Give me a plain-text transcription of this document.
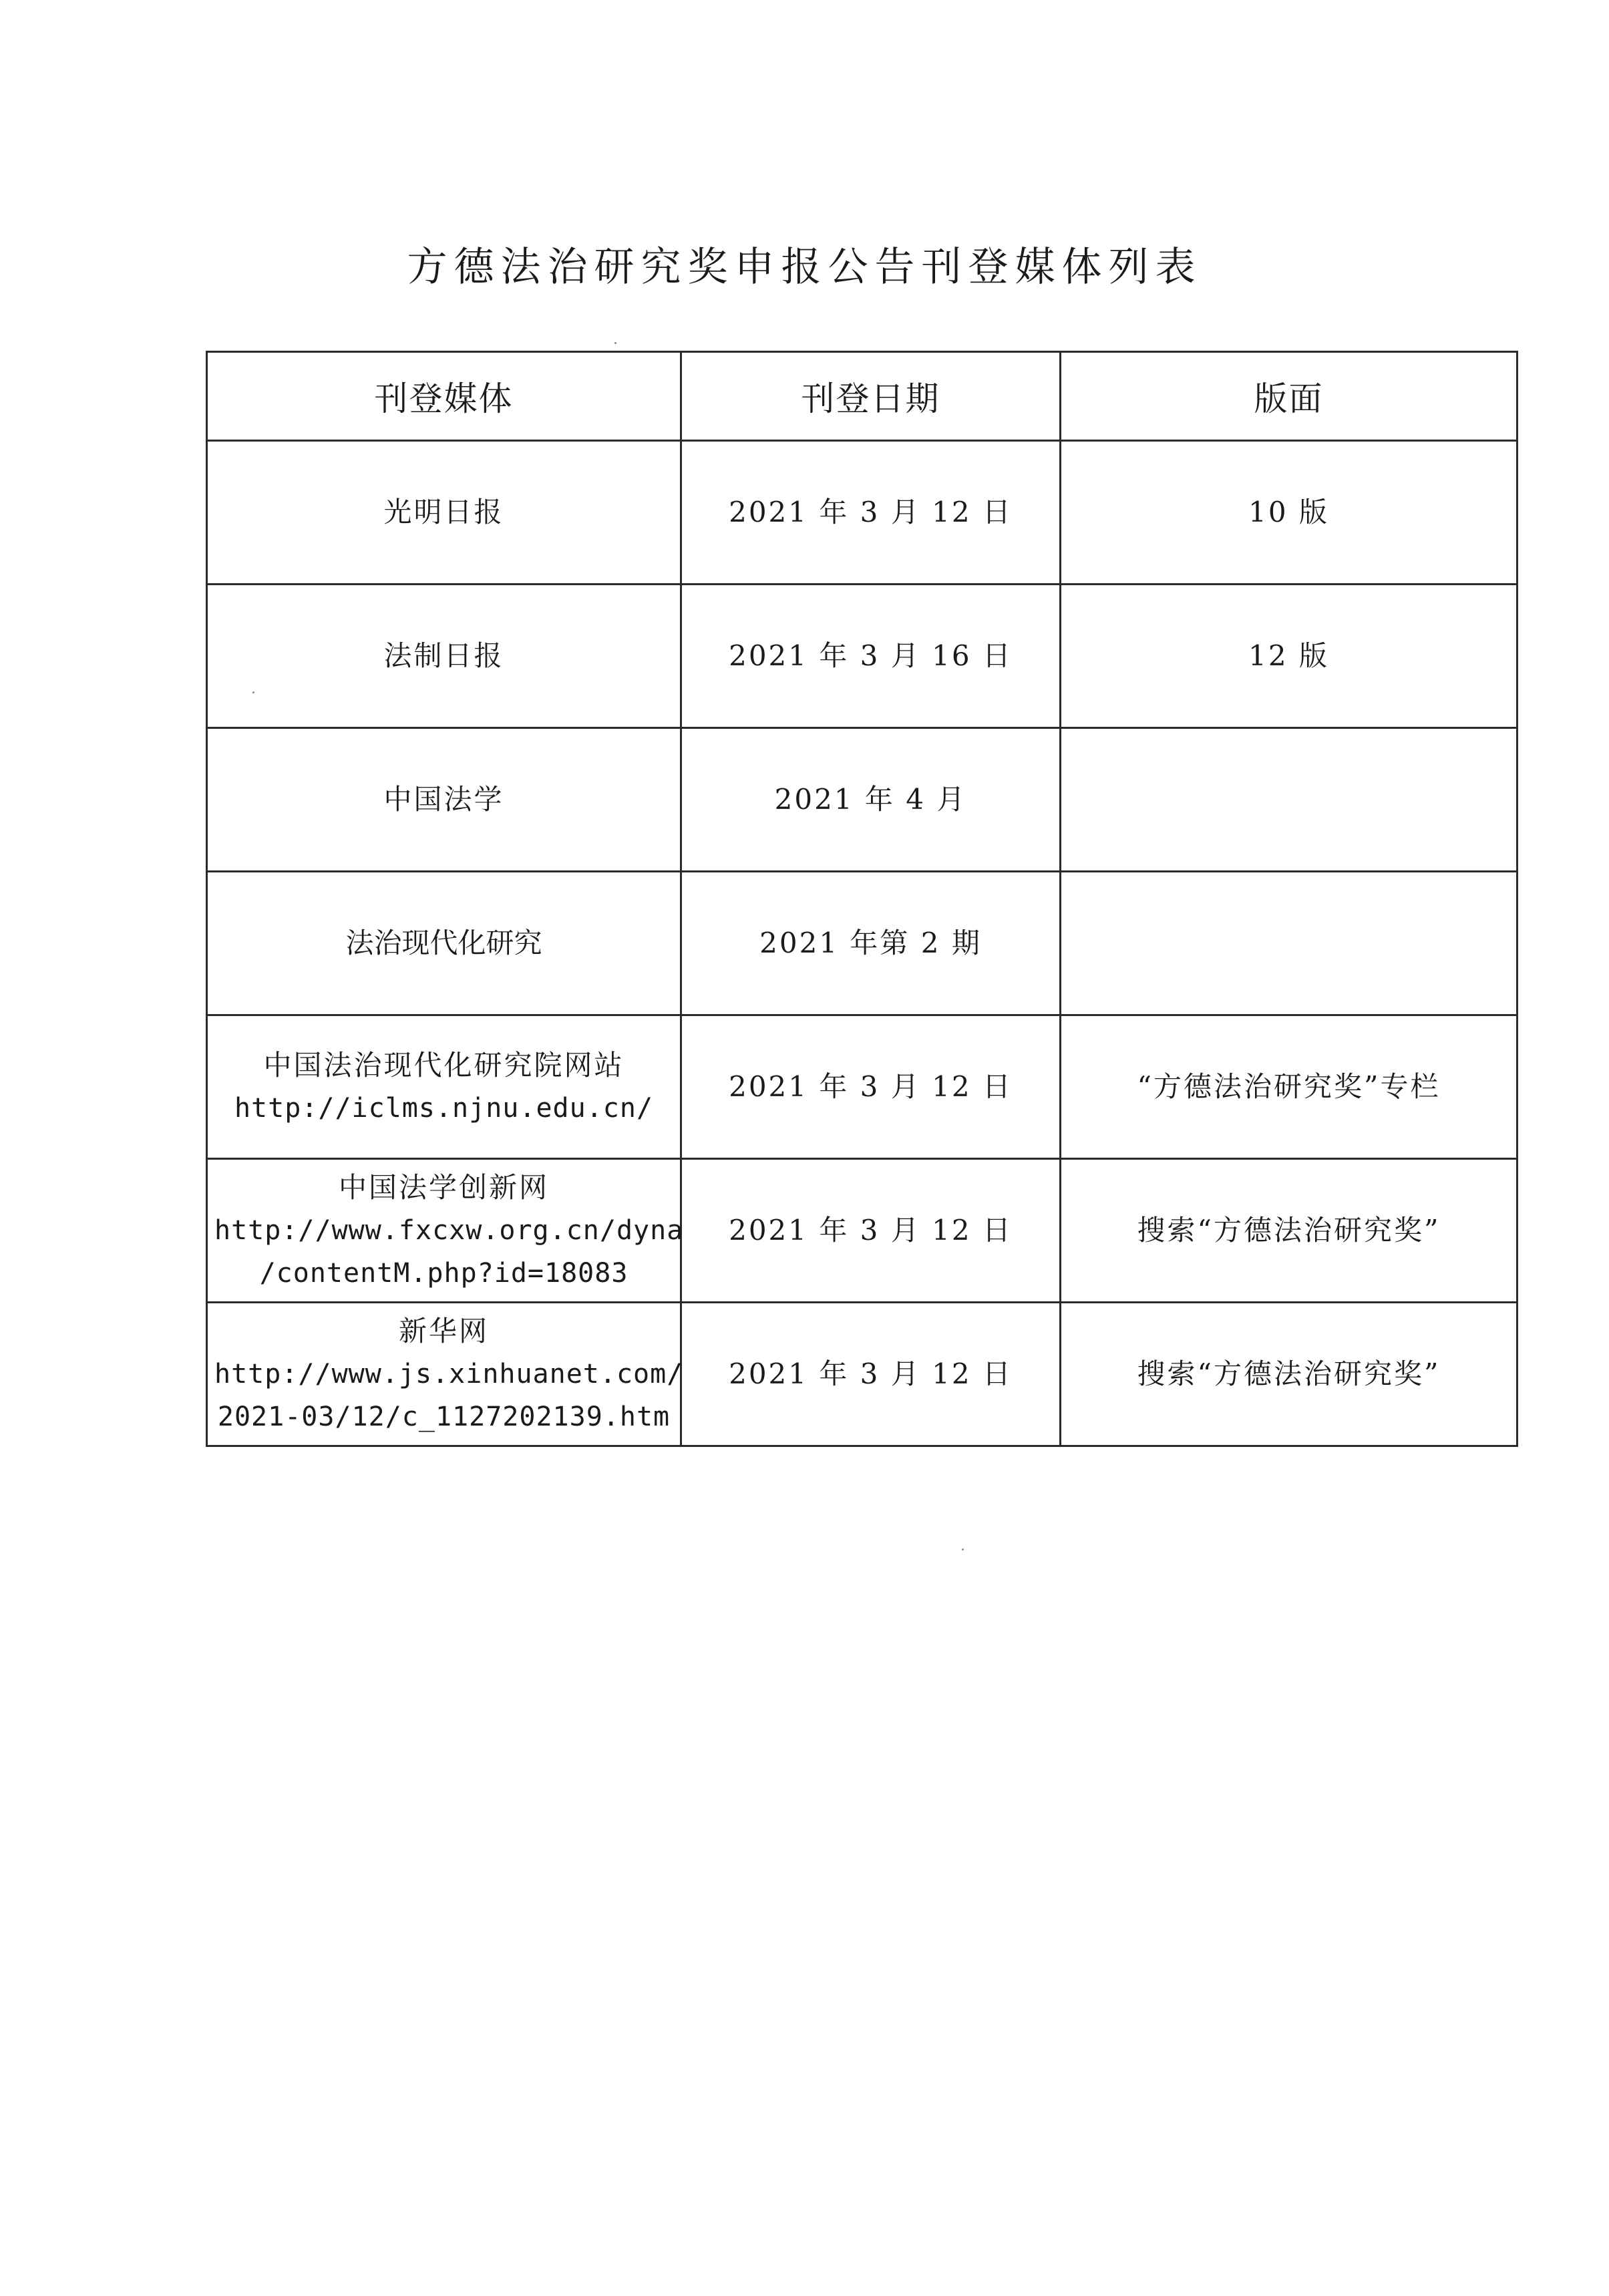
方德法治研究奖申报公告刊登媒体列表
刊登媒体	刊登日期	版面

光明日报	2021 年 3 月 12 日	10 版

法制日报	2021 年 3 月 16 日	12 版

中国法学	2021 年 4 月	

法治现代化研究	2021 年第 2 期	

中国法治现代化研究院网站
http://iclms.njnu.edu.cn/	2021 年 3 月 12 日	“方德法治研究奖”专栏

中国法学创新网
http://www.fxcxw.org.cn/dyna
/contentM.php?id=18083	2021 年 3 月 12 日	搜索“方德法治研究奖”

新华网
http://www.js.xinhuanet.com/
2021-03/12/c_1127202139.htm	2021 年 3 月 12 日	搜索“方德法治研究奖”
